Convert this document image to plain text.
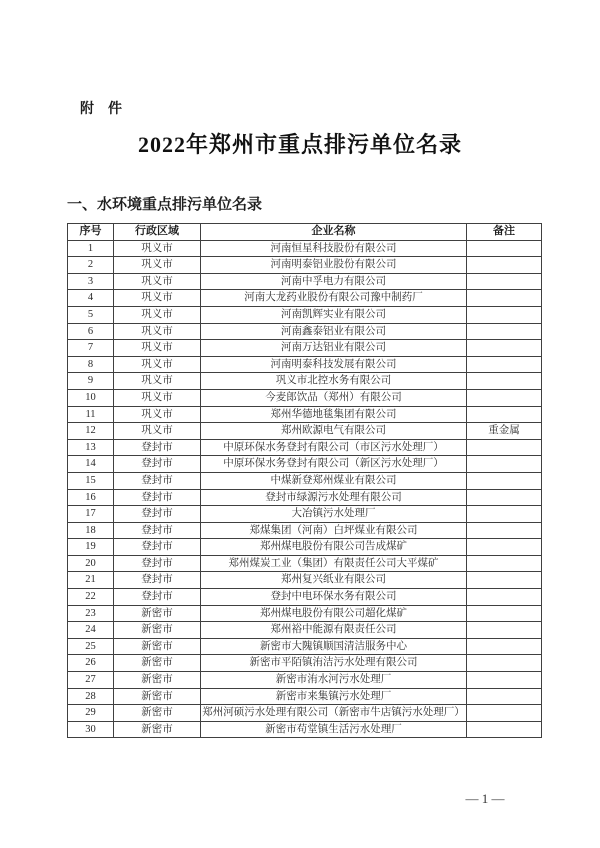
附　件
2022年郑州市重点排污单位名录
一、水环境重点排污单位名录
序号	行政区域	企业名称	备注
1	巩义市	河南恒星科技股份有限公司	
2	巩义市	河南明泰铝业股份有限公司	
3	巩义市	河南中孚电力有限公司	
4	巩义市	河南大龙药业股份有限公司豫中制药厂	
5	巩义市	河南凯辉实业有限公司	
6	巩义市	河南鑫泰铝业有限公司	
7	巩义市	河南万达铝业有限公司	
8	巩义市	河南明泰科技发展有限公司	
9	巩义市	巩义市北控水务有限公司	
10	巩义市	今麦郎饮品（郑州）有限公司	
11	巩义市	郑州华德地毯集团有限公司	
12	巩义市	郑州欧源电气有限公司	重金属
13	登封市	中原环保水务登封有限公司（市区污水处理厂）	
14	登封市	中原环保水务登封有限公司（新区污水处理厂）	
15	登封市	中煤新登郑州煤业有限公司	
16	登封市	登封市绿源污水处理有限公司	
17	登封市	大冶镇污水处理厂	
18	登封市	郑煤集团（河南）白坪煤业有限公司	
19	登封市	郑州煤电股份有限公司告成煤矿	
20	登封市	郑州煤炭工业（集团）有限责任公司大平煤矿	
21	登封市	郑州复兴纸业有限公司	
22	登封市	登封中电环保水务有限公司	
23	新密市	郑州煤电股份有限公司超化煤矿	
24	新密市	郑州裕中能源有限责任公司	
25	新密市	新密市大隗镇顺国清洁服务中心	
26	新密市	新密市平陌镇洧洁污水处理有限公司	
27	新密市	新密市洧水河污水处理厂	
28	新密市	新密市来集镇污水处理厂	
29	新密市	郑州河硕污水处理有限公司（新密市牛店镇污水处理厂）	
30	新密市	新密市苟堂镇生活污水处理厂	
— 1 —
